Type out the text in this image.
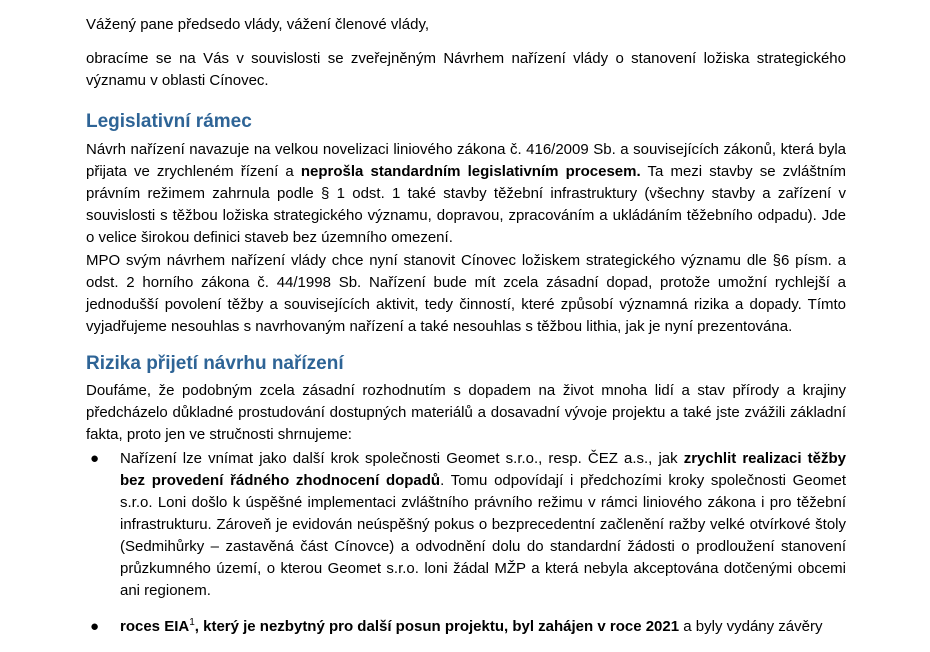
Vážený pane předsedo vlády, vážení členové vlády,

obracíme se na Vás v souvislosti se zveřejněným Návrhem nařízení vlády o stanovení ložiska strategického významu v oblasti Cínovec.

Legislativní rámec

Návrh nařízení navazuje na velkou novelizaci liniového zákona č. 416/2009 Sb. a souvisejících zákonů, která byla přijata ve zrychleném řízení a neprošla standardním legislativním procesem. Ta mezi stavby se zvláštním právním režimem zahrnula podle § 1 odst. 1 také stavby těžební infrastruktury (všechny stavby a zařízení v souvislosti s těžbou ložiska strategického významu, dopravou, zpracováním a ukládáním těžebního odpadu). Jde o velice širokou definici staveb bez územního omezení.

MPO svým návrhem nařízení vlády chce nyní stanovit Cínovec ložiskem strategického významu dle §6 písm. a odst. 2 horního zákona č. 44/1998 Sb. Nařízení bude mít zcela zásadní dopad, protože umožní rychlejší a jednodušší povolení těžby a souvisejících aktivit, tedy činností, které způsobí významná rizika a dopady. Tímto vyjadřujeme nesouhlas s navrhovaným nařízení a také nesouhlas s těžbou lithia, jak je nyní prezentována.

Rizika přijetí návrhu nařízení

Doufáme, že podobným zcela zásadní rozhodnutím s dopadem na život mnoha lidí a stav přírody a krajiny předcházelo důkladné prostudování dostupných materiálů a dosavadní vývoje projektu a také jste zvážili základní fakta, proto jen ve stručnosti shrnujeme:

● Nařízení lze vnímat jako další krok společnosti Geomet s.r.o., resp. ČEZ a.s., jak zrychlit realizaci těžby bez provedení řádného zhodnocení dopadů. Tomu odpovídají i předchozími kroky společnosti Geomet s.r.o. Loni došlo k úspěšné implementaci zvláštního právního režimu v rámci liniového zákona i pro těžební infrastrukturu. Zároveň je evidován neúspěšný pokus o bezprecedentní začlenění ražby velké otvírkové štoly (Sedmihůrky – zastavěná část Cínovce) a odvodnění dolu do standardní žádosti o prodloužení stanovení průzkumného území, o kterou Geomet s.r.o. loni žádal MŽP a která nebyla akceptována dotčenými obcemi ani regionem.
● roces EIA$^1$, který je nezbytný pro další posun projektu, byl zahájen v roce 2021 a byly vydány závěry
